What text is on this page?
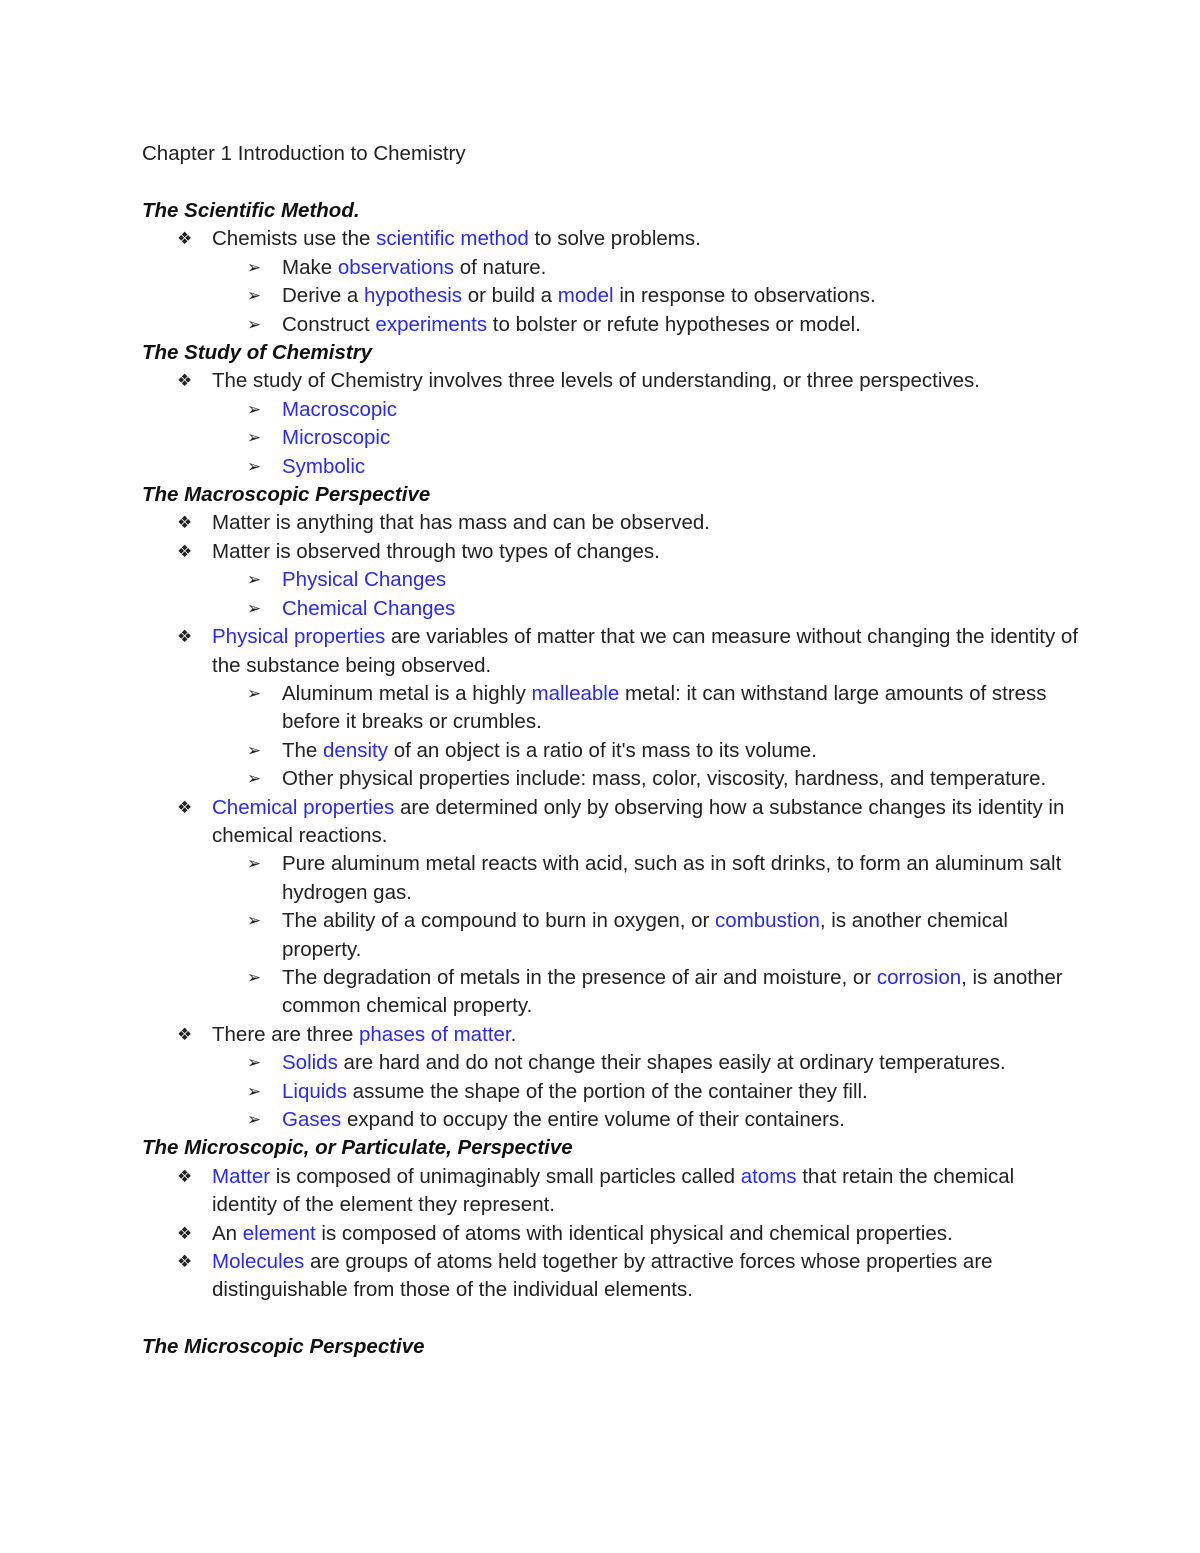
Chapter 1 Introduction to Chemistry
The Scientific Method.
❖ Chemists use the scientific method to solve problems.
➢ Make observations of nature.
➢ Derive a hypothesis or build a model in response to observations.
➢ Construct experiments to bolster or refute hypotheses or model.
The Study of Chemistry
❖ The study of Chemistry involves three levels of understanding, or three perspectives.
➢ Macroscopic
➢ Microscopic
➢ Symbolic
The Macroscopic Perspective
❖ Matter is anything that has mass and can be observed.
❖ Matter is observed through two types of changes.
➢ Physical Changes
➢ Chemical Changes
❖ Physical properties are variables of matter that we can measure without changing the identity of the substance being observed.
➢ Aluminum metal is a highly malleable metal: it can withstand large amounts of stress before it breaks or crumbles.
➢ The density of an object is a ratio of it's mass to its volume.
➢ Other physical properties include: mass, color, viscosity, hardness, and temperature.
❖ Chemical properties are determined only by observing how a substance changes its identity in chemical reactions.
➢ Pure aluminum metal reacts with acid, such as in soft drinks, to form an aluminum salt hydrogen gas.
➢ The ability of a compound to burn in oxygen, or combustion, is another chemical property.
➢ The degradation of metals in the presence of air and moisture, or corrosion, is another common chemical property.
❖ There are three phases of matter.
➢ Solids are hard and do not change their shapes easily at ordinary temperatures.
➢ Liquids assume the shape of the portion of the container they fill.
➢ Gases expand to occupy the entire volume of their containers.
The Microscopic, or Particulate, Perspective
❖ Matter is composed of unimaginably small particles called atoms that retain the chemical identity of the element they represent.
❖ An element is composed of atoms with identical physical and chemical properties.
❖ Molecules are groups of atoms held together by attractive forces whose properties are distinguishable from those of the individual elements.
The Microscopic Perspective
